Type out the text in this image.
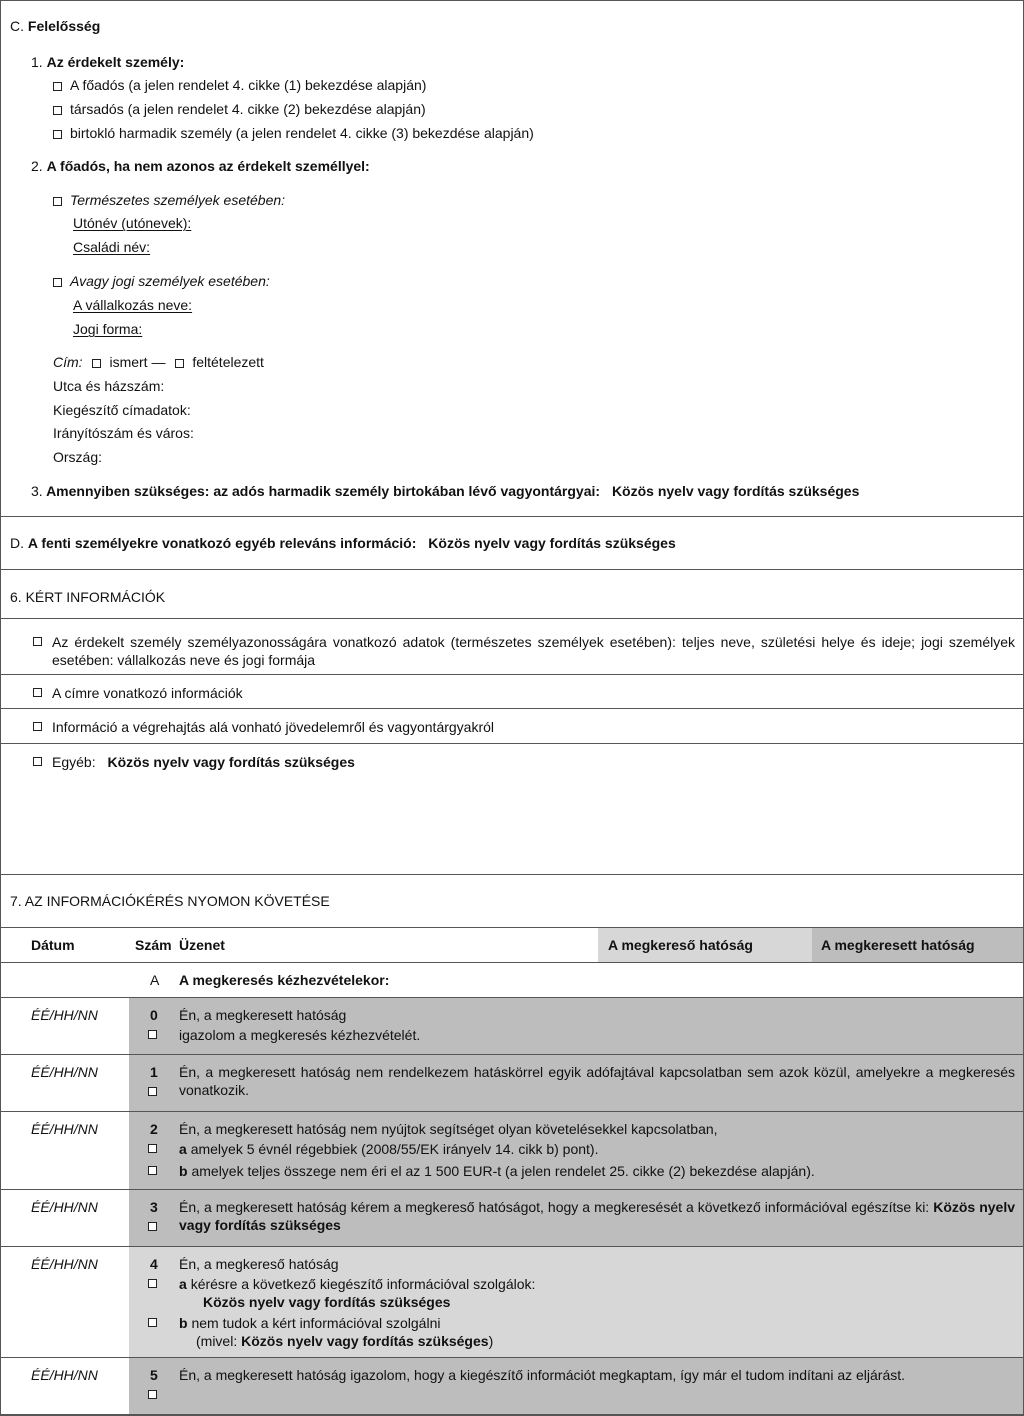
C. Felelősség
1. Az érdekelt személy:
A főadós (a jelen rendelet 4. cikke (1) bekezdése alapján)
társadós (a jelen rendelet 4. cikke (2) bekezdése alapján)
birtokló harmadik személy (a jelen rendelet 4. cikke (3) bekezdése alapján)
2. A főadós, ha nem azonos az érdekelt személlyel:
Természetes személyek esetében:
Utónév (utónevek):
Családi név:
Avagy jogi személyek esetében:
A vállalkozás neve:
Jogi forma:
Cím: ismert — feltételezett
Utca és házszám:
Kiegészítő címadatok:
Irányítószám és város:
Ország:
3. Amennyiben szükséges: az adós harmadik személy birtokában lévő vagyontárgyai: Közös nyelv vagy fordítás szükséges
D. A fenti személyekre vonatkozó egyéb releváns információ: Közös nyelv vagy fordítás szükséges
6. KÉRT INFORMÁCIÓK
Az érdekelt személy személyazonosságára vonatkozó adatok (természetes személyek esetében): teljes neve, születési helye és ideje; jogi személyek esetében: vállalkozás neve és jogi formája
A címre vonatkozó információk
Információ a végrehajtás alá vonható jövedelemről és vagyontárgyakról
Egyéb: Közös nyelv vagy fordítás szükséges
7. AZ INFORMÁCIÓKÉRÉS NYOMON KÖVETÉSE
Dátum	Szám Üzenet	A megkereső hatóság	A megkeresett hatóság
A A megkeresés kézhezvételekor:
ÉÉ/HH/NN	0 Én, a megkeresett hatóság
igazolom a megkeresés kézhezvételét.
ÉÉ/HH/NN	1 Én, a megkeresett hatóság nem rendelkezem hatáskörrel egyik adófajtával kapcsolatban sem azok közül, amelyekre a megkeresés vonatkozik.
ÉÉ/HH/NN	2 Én, a megkeresett hatóság nem nyújtok segítséget olyan követelésekkel kapcsolatban,
a amelyek 5 évnél régebbiek (2008/55/EK irányelv 14. cikk b) pont).
b amelyek teljes összege nem éri el az 1 500 EUR-t (a jelen rendelet 25. cikke (2) bekezdése alapján).
ÉÉ/HH/NN	3 Én, a megkeresett hatóság kérem a megkereső hatóságot, hogy a megkeresését a következő információval egészítse ki: Közös nyelv vagy fordítás szükséges
ÉÉ/HH/NN	4 Én, a megkereső hatóság
a kérésre a következő kiegészítő információval szolgálok:
Közös nyelv vagy fordítás szükséges
b nem tudok a kért információval szolgálni
(mivel: Közös nyelv vagy fordítás szükséges)
ÉÉ/HH/NN	5 Én, a megkeresett hatóság igazolom, hogy a kiegészítő információt megkaptam, így már el tudom indítani az eljárást.
